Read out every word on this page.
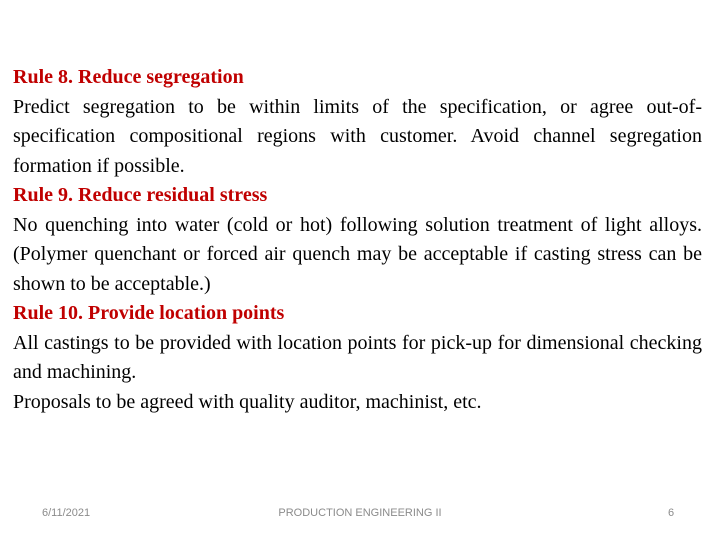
Rule 8. Reduce segregation

Predict segregation to be within limits of the specification, or agree out-of-specification compositional regions with customer. Avoid channel segregation formation if possible.

Rule 9. Reduce residual stress

No quenching into water (cold or hot) following solution treatment of light alloys. (Polymer quenchant or forced air quench may be acceptable if casting stress can be shown to be acceptable.)

Rule 10. Provide location points

All castings to be provided with location points for pick-up for dimensional checking and machining.

Proposals to be agreed with quality auditor, machinist, etc.

6/11/2021	PRODUCTION ENGINEERING II	6
